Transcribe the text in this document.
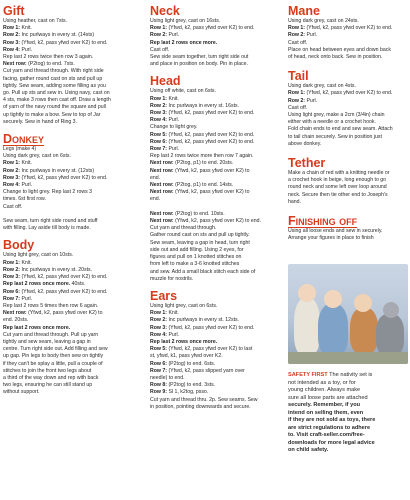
Gift
Using heather, cast on 7sts.
Row 1: Knit.
Row 2: Inc purlways in every st. (14sts)
Row 3: (Yfwd, k2, pass yfwd over K2) to end.
Row 4: Purl.
Rep last 2 rows twice then row 3 again.
Next row: (P2tog) to end. 7sts.
Cut yarn and thread through. With right side
facing, gather round cast on sts and pull up
tightly. Sew seam, adding some filling as you
go. Pull up sts and sew in. Using navy, cast on
4 sts, make 3 rows then cast off. Draw a length
of yarn of the navy round the square and pull
up tightly to make a bow. Sew to top of Jar
securely. Sew in hand of Ring 3.
Donkey
Legs (make 4)
Using dark grey, cast on 6sts.
Row 1: Knit.
Row 2: Inc purlways in every st. (12sts)
Row 3: (Yfwd, k2, pass yfwd over K2) to end.
Row 4: Purl.
Change to light grey. Rep last 2 rows 3
times. 6st first row.
Cast off.

Sew seam, turn right side round and stuff
with filling. Lay aside till body is made.
Body
Using light grey, cast on 10sts.
Row 1: Knit.
Row 2: Inc purlways in every st. 20sts.
Row 3: (Yfwd, k2, pass yfwd over K2) to end.
Rep last 2 rows once more. 40sts.
Row 6: (Yfwd, k2, pass yfwd over K2) to end.
Row 7: Purl.
Rep last 2 rows 5 times then row 6 again.
Next row: (Yfwd, k2, pass yfwd over K2) to
end. 20sts.
Rep last 2 rows once more.
Cut yarn and thread through. Pull up yarn
tightly and sew seam, leaving a gap in
centre. Turn right side out. Add filling and sew
up gap. Pin legs to body then sew on tightly
if they can't be splay a little, pull a couple of
stitches to join the front two legs about
a third of the way down and rep with back
two legs, ensuring he can still stand up
without support.
Neck
Using light grey, cast on 16sts.
Row 1: (Yfwd, k2, pass yfwd over K2) to end.
Row 2: Purl.
Rep last 2 rows once more.
Cast off.
Sew side seam together, turn right side out
and place in position on body. Pin in place.
Head
Using off white, cast on 6sts.
Row 1: Knit.
Row 2: Inc purlways in every st. 16sts.
Row 3: (Yfwd, k2, pass yfwd over K2) to end.
Row 4: Purl.
Change to light grey.
Row 5: (Yfwd, k2, pass yfwd over K2) to end.
Row 6: (Yfwd, k2, pass yfwd over K2) to end.
Row 7: Purl.
Rep last 2 rows twice more then row 7 again.
Next row: (P2tog, p1) to end. 20sts.
Next row: (Yfwd, k2, pass yfwd over K2) to
end.
Next row: (P2tog, p1) to end. 14sts.
Next row: (Yfwd, k2, pass yfwd over K2) to
end.

Next row: (P2tog) to end. 10sts.
Next row: (Yfwd, k2, pass yfwd over K2) to end.
Cut yarn and thread through.
Gather round cast on sts and pull up tightly.
Sew seam, leaving a gap in head, turn right
side out and add filling. Using 2 eyes, for
figures and pull on 1 knotted stitches on
from left to make a 3-6 knotted stitches
and sew. Add a small black stitch each side of
muzzle for nostrils.
Ears
Using light grey, cast on 6sts.
Row 1: Knit.
Row 2: Inc purlways in every st. 12sts.
Row 3: (Yfwd, k2, pass yfwd over K2) to end.
Row 4: Purl.
Rep last 2 rows once more.
Row 5: (Yfwd, k2, pass yfwd over K2) to last
st, yfwd, k1, pass yfwd over K2.
Row 6: (P2tog) to end. 6sts.
Row 7: (Yfwd, k2, pass slipped yarn over
needle) to end.
Row 8: (P2tog) to end. 3sts.
Row 9: Sl 1, k2tog, psso.
Cut yarn and thread thru. 2p. Sew seams. Sew
in position, pointing downwards and secure.
Mane
Using dark grey, cast on 24sts.
Row 1: (Yfwd, k2, pass yfwd over K2) to end.
Row 2: Purl.
Cast off.
Place on head between eyes and down back
of head, neck onto back. Sew in position.
Tail
Using dark grey, cast on 4sts.
Row 1: (Yfwd, k2, pass yfwd over K2) to end.
Row 2: Purl.
Cast off.
Using light grey, make a 2cm (3/4in) chain
either with a needle or a crochet hook.
Fold chain ends to end and sew seam. Attach
to tail chain securely. Sew in position just
above donkey.
Tether
Make a chain of red with a knitting needle or
a crochet hook in beige, long enough to go
round neck and some left over loop around
neck. Secure then tie other end to Joseph's
hand.
Finishing off
Using all loose ends and sew in securely.
Arrange your figures in place to finish
SAFETY FIRST The nativity set is
not intended as a toy, or for
young children. Always make
sure all loose parts are attached
securely. Remember, if you
intend on selling them, even
if they are not sold as toys, there
are strict regulations to adhere
to. Visit craft-seller.com/free-
downloads for more legal advice
on child safety.
